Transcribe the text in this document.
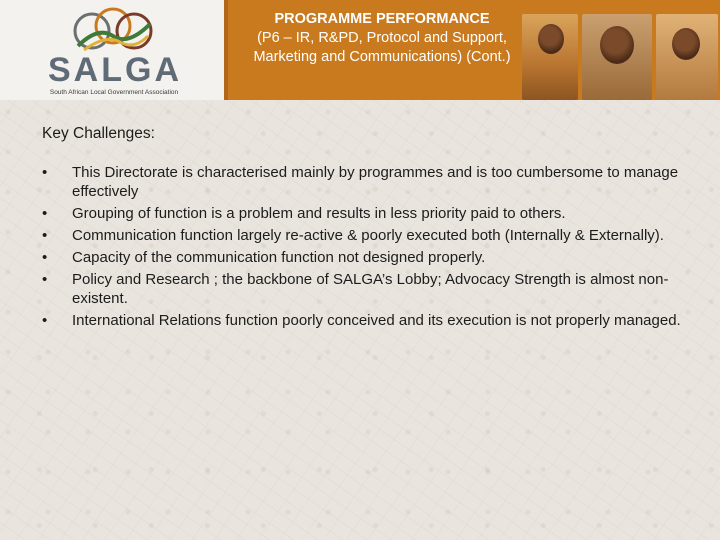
SALGA
South African Local Government Association
PROGRAMME PERFORMANCE
(P6 – IR, R&PD, Protocol and Support, Marketing and Communications) (Cont.)
Key Challenges:
•	This Directorate is characterised mainly by programmes and is too cumbersome to manage effectively
•	Grouping of function is a problem and results in less priority paid to others.
•	Communication function largely re-active & poorly executed both (Internally & Externally).
•	Capacity of the communication function not designed properly.
•	Policy and Research ; the backbone of SALGA’s Lobby; Advocacy Strength is almost non-existent.
•	International Relations function poorly conceived and its execution is not properly managed.
